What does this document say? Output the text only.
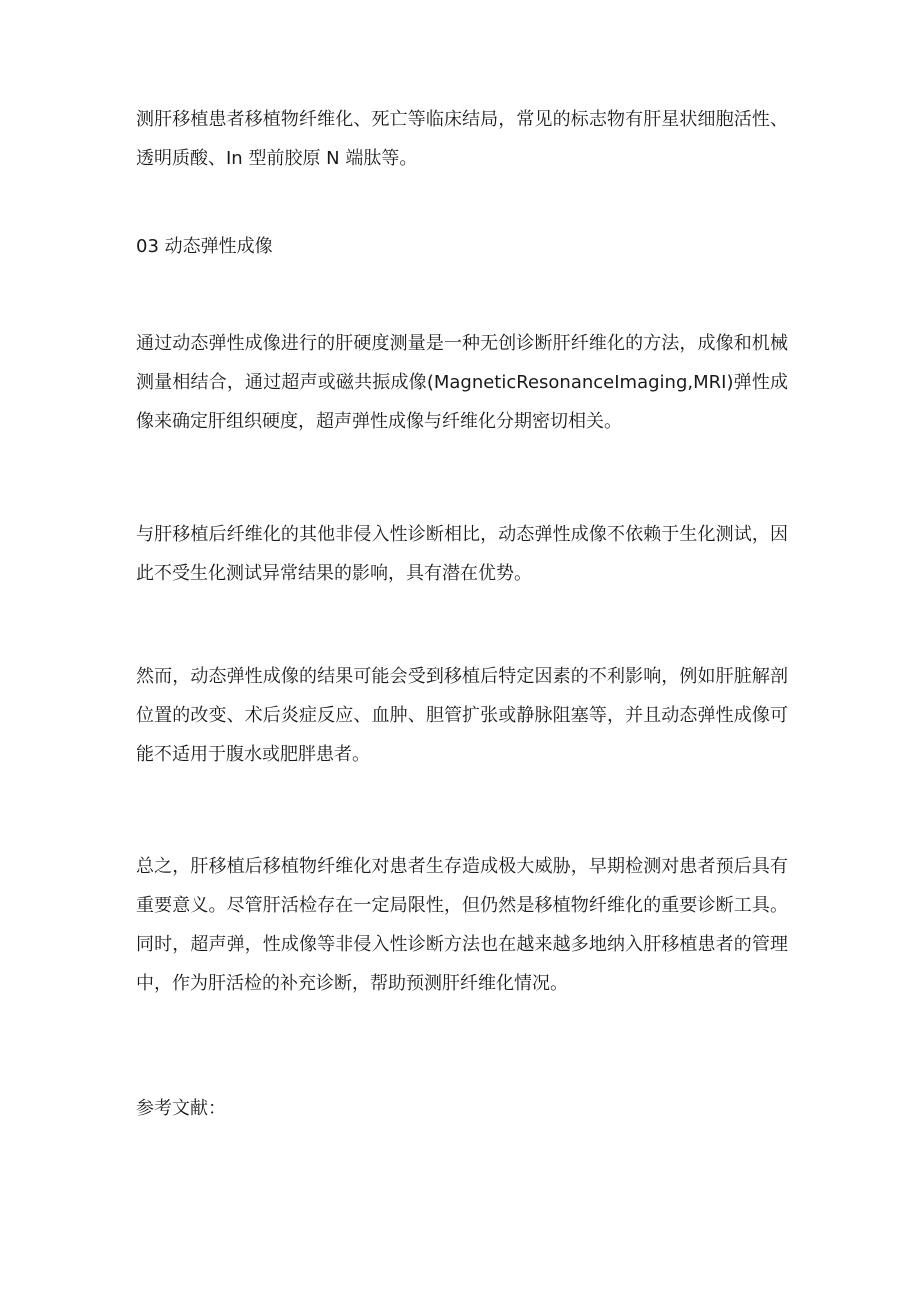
测肝移植患者移植物纤维化、死亡等临床结局，常见的标志物有肝星状细胞活性、透明质酸、In 型前胶原 N 端肽等。

03 动态弹性成像

通过动态弹性成像进行的肝硬度测量是一种无创诊断肝纤维化的方法，成像和机械测量相结合，通过超声或磁共振成像(MagneticResonanceImaging,MRI)弹性成像来确定肝组织硬度，超声弹性成像与纤维化分期密切相关。

与肝移植后纤维化的其他非侵入性诊断相比，动态弹性成像不依赖于生化测试，因此不受生化测试异常结果的影响，具有潜在优势。

然而，动态弹性成像的结果可能会受到移植后特定因素的不利影响，例如肝脏解剖位置的改变、术后炎症反应、血肿、胆管扩张或静脉阻塞等，并且动态弹性成像可能不适用于腹水或肥胖患者。

总之，肝移植后移植物纤维化对患者生存造成极大威胁，早期检测对患者预后具有重要意义。尽管肝活检存在一定局限性，但仍然是移植物纤维化的重要诊断工具。同时，超声弹，性成像等非侵入性诊断方法也在越来越多地纳入肝移植患者的管理中，作为肝活检的补充诊断，帮助预测肝纤维化情况。

参考文献：
